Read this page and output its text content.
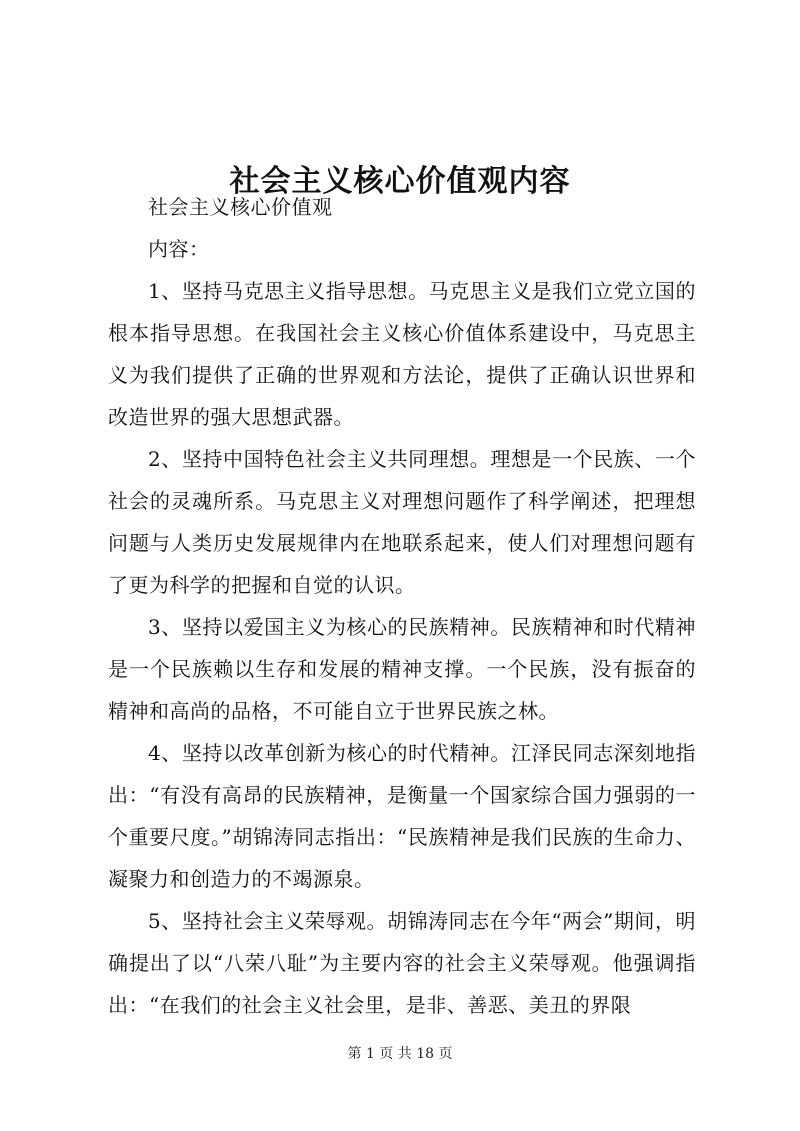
社会主义核心价值观内容

社会主义核心价值观

内容：

1、坚持马克思主义指导思想。马克思主义是我们立党立国的根本指导思想。在我国社会主义核心价值体系建设中，马克思主义为我们提供了正确的世界观和方法论，提供了正确认识世界和改造世界的强大思想武器。

2、坚持中国特色社会主义共同理想。理想是一个民族、一个社会的灵魂所系。马克思主义对理想问题作了科学阐述，把理想问题与人类历史发展规律内在地联系起来，使人们对理想问题有了更为科学的把握和自觉的认识。

3、坚持以爱国主义为核心的民族精神。民族精神和时代精神是一个民族赖以生存和发展的精神支撑。一个民族，没有振奋的精神和高尚的品格，不可能自立于世界民族之林。

4、坚持以改革创新为核心的时代精神。江泽民同志深刻地指出：“有没有高昂的民族精神，是衡量一个国家综合国力强弱的一个重要尺度。”胡锦涛同志指出：“民族精神是我们民族的生命力、凝聚力和创造力的不竭源泉。

5、坚持社会主义荣辱观。胡锦涛同志在今年“两会”期间，明确提出了以“八荣八耻”为主要内容的社会主义荣辱观。他强调指出：“在我们的社会主义社会里，是非、善恶、美丑的界限

第 1 页 共 18 页
